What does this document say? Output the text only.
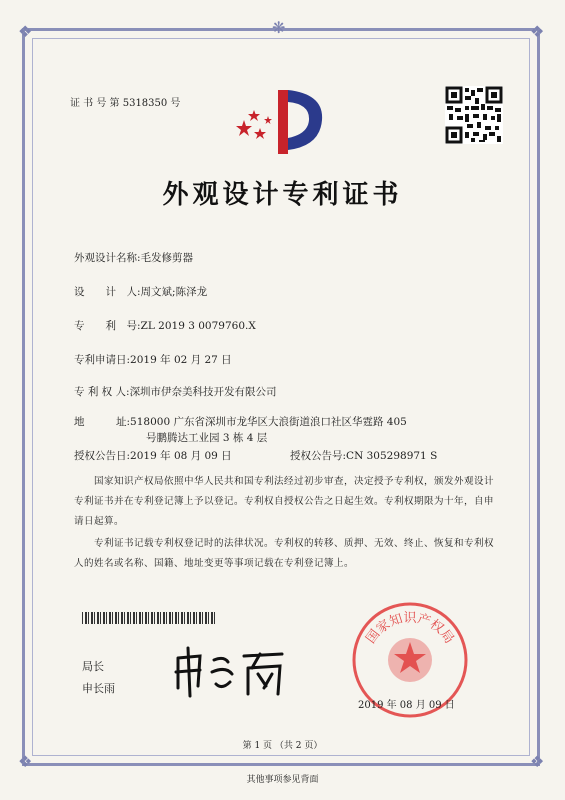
❖	❖
❖	❖
❋
证 书 号 第 5318350 号
外观设计专利证书
外观设计名称:毛发修剪器
设　　计　人:周文斌;陈泽龙
专　　利　号:ZL 2019 3 0079760.X
专利申请日:2019 年 02 月 27 日
专 利 权 人:深圳市伊奈美科技开发有限公司
地　　　址:518000 广东省深圳市龙华区大浪街道浪口社区华霆路 405
号鹏腾达工业园 3 栋 4 层
授权公告日:2019 年 08 月 09 日	授权公告号:CN 305298971 S
国家知识产权局依照中华人民共和国专利法经过初步审查，决定授予专利权，颁发外观设计专利证书并在专利登记簿上予以登记。专利权自授权公告之日起生效。专利权期限为十年，自申请日起算。
专利证书记载专利权登记时的法律状况。专利权的转移、质押、无效、终止、恢复和专利权人的姓名或名称、国籍、地址变更等事项记载在专利登记簿上。
局长
申长雨
国家知识产权局
2019 年 08 月 09 日
第 1 页 （共 2 页）
其他事项参见背面
